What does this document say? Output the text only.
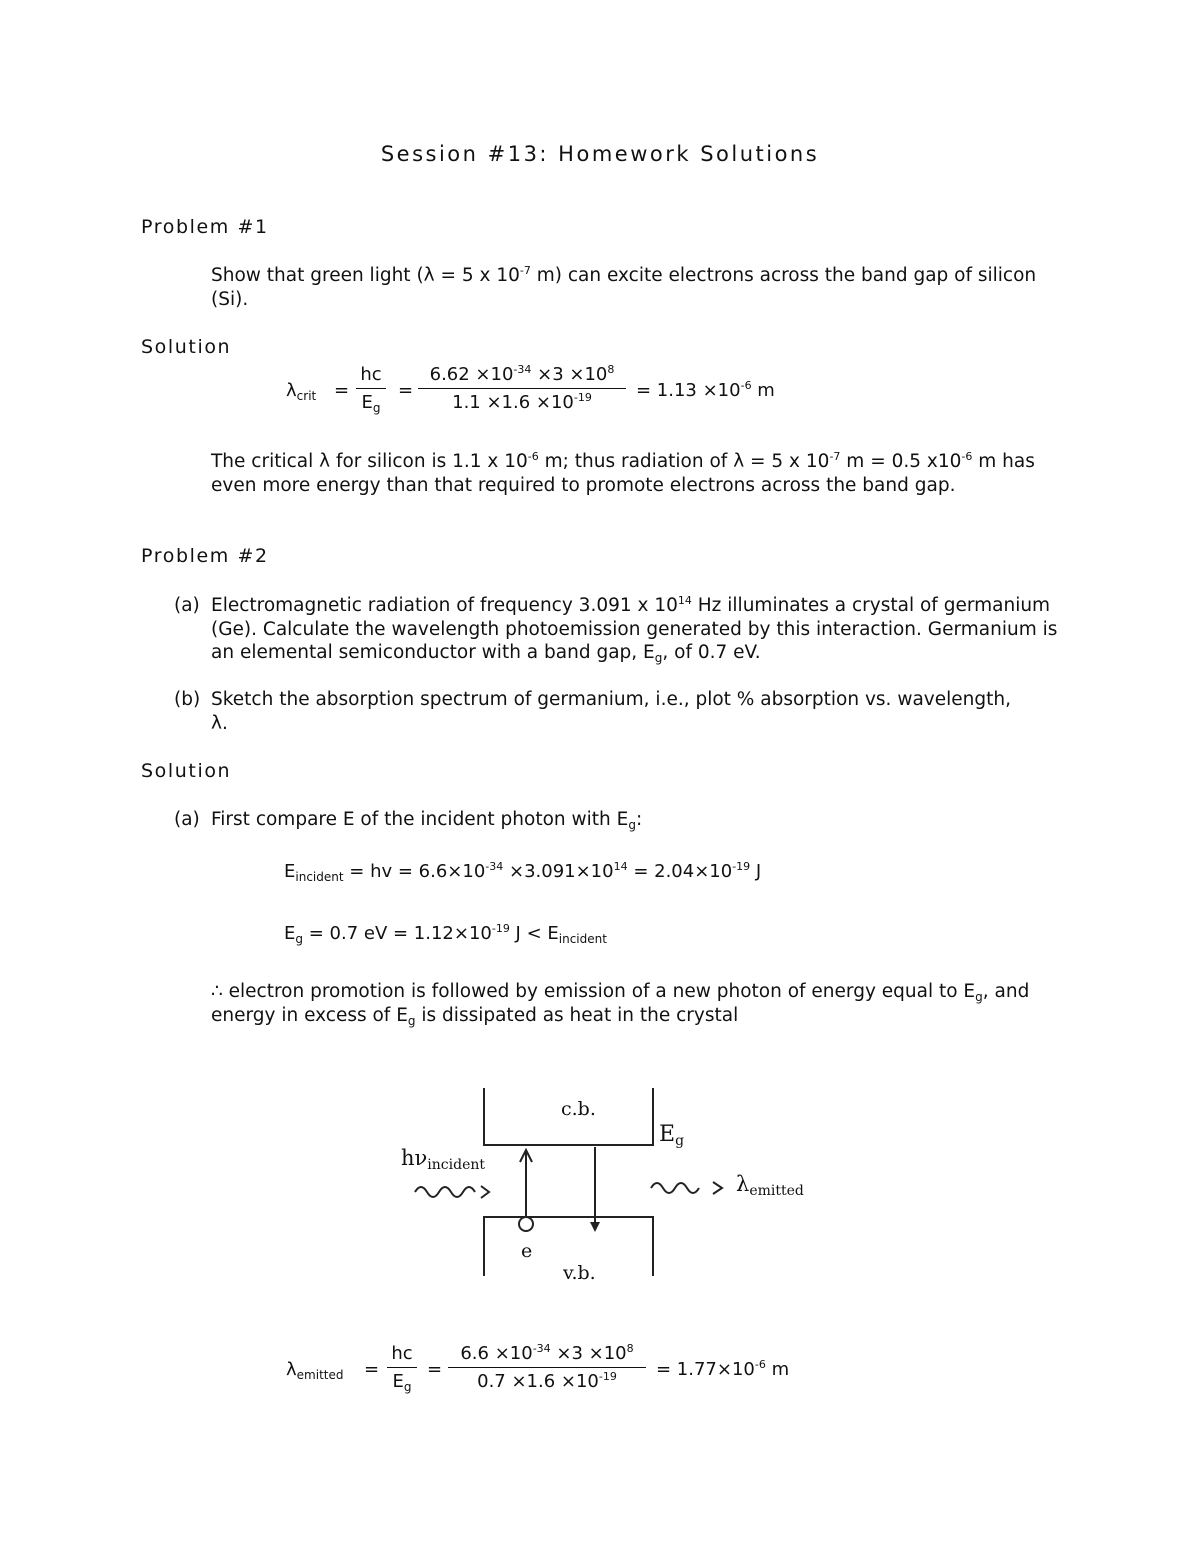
Session #13: Homework Solutions
Problem #1
Show that green light (λ = 5 x $10^{-7}$ m) can excite electrons across the band gap of silicon (Si).
Solution
$\lambda_{crit} = \frac{hc}{E_g} = \frac{6.62 \times 10^{-34} \times 3 \times 10^8}{1.1 \times 1.6 \times 10^{-19}} = 1.13 \times 10^{-6}$ m
The critical λ for silicon is 1.1 x $10^{-6}$ m; thus radiation of λ = 5 x $10^{-7}$ m = 0.5 $x10^{-6}$ m has even more energy than that required to promote electrons across the band gap.
Problem #2
(a) Electromagnetic radiation of frequency 3.091 x $10^{14}$ Hz illuminates a crystal of germanium (Ge). Calculate the wavelength photoemission generated by this interaction. Germanium is an elemental semiconductor with a band gap, $E_g$, of 0.7 eV.
(b) Sketch the absorption spectrum of germanium, i.e., plot % absorption vs. wavelength, λ.
Solution
(a) First compare E of the incident photon with $E_g$:
$E_{incident}$ = hv = $6.6\times 10^{-34} \times 3.091\times 10^{14} = 2.04\times 10^{-19}$ J
$E_g = 0.7$ eV = $1.12\times 10^{-19}$ $J < E_{incident}$
∴ electron promotion is followed by emission of a new photon of energy equal to $E_g$, and energy in excess of $E_g$ is dissipated as heat in the crystal
c.b.
$E_g$
$h\nu_{incident}$
$\lambda_{emitted}$
e
v.b.
$\lambda_{emitted} = \frac{hc}{E_g} = \frac{6.6 \times 10^{-34} \times 3 \times 10^8}{0.7 \times 1.6 \times 10^{-19}} = 1.77\times 10^{-6}$ m
